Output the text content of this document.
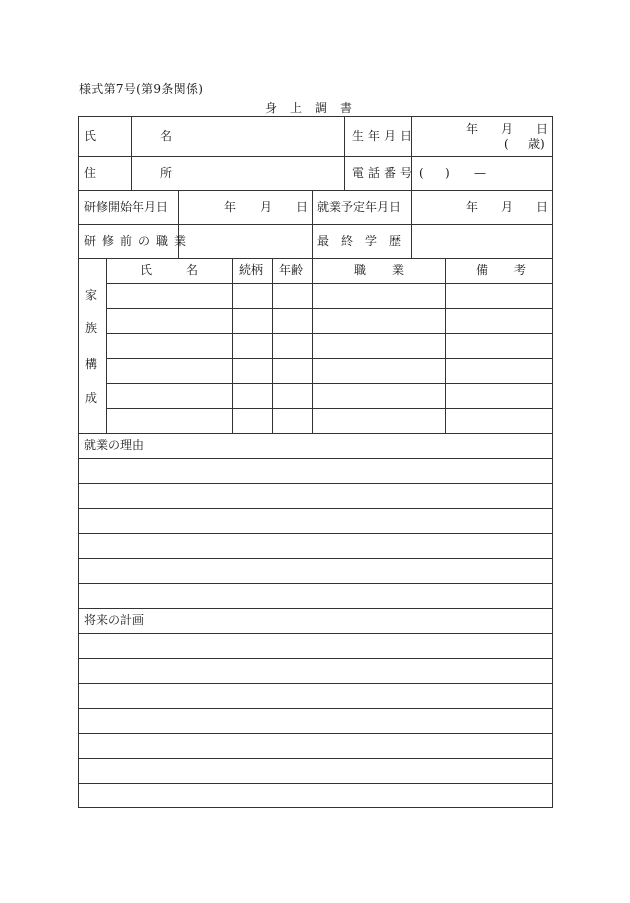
様式第7号(第9条関係)
身上調書
氏　名	生年月日	年 月 日
( 歳)
住　所	電話番号 ( ) —
研修開始年月日	年 月 日 就業予定年月日	年 月 日
研修前の職業	最終学歴
家
族
構
成
氏名 続柄 年齢	職業	備考
就業の理由
将来の計画
